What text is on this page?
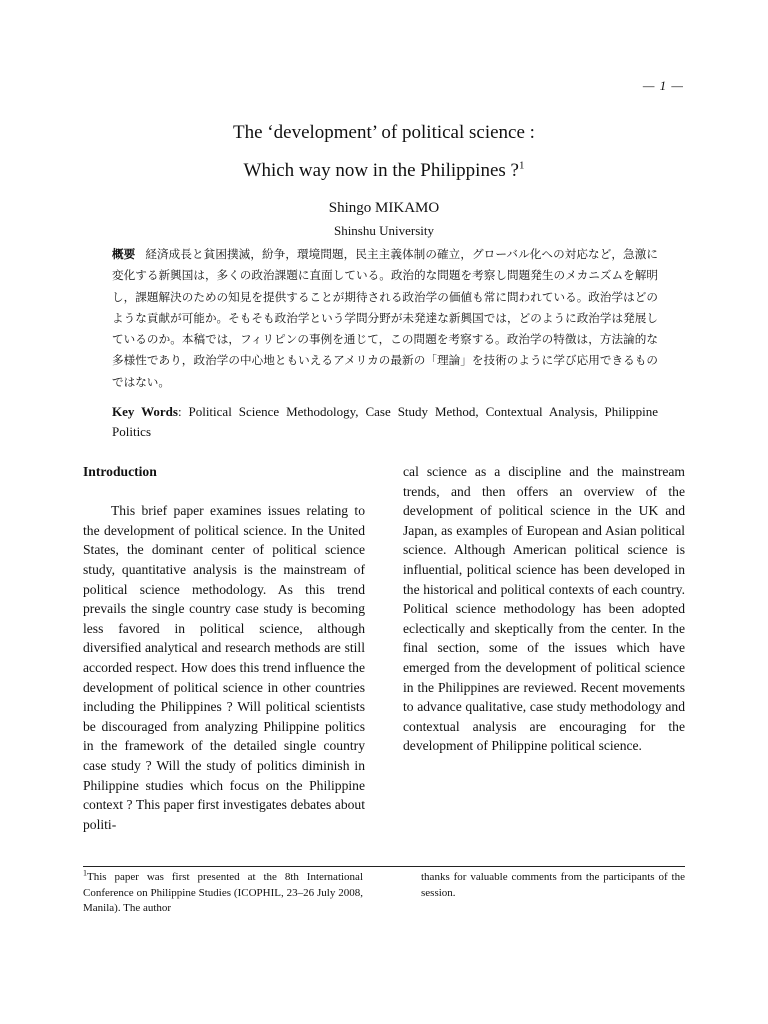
— 1 —
The ‘development’ of political science :
Which way now in the Philippines ?$^1$
Shingo MIKAMO
Shinshu University
概要 経済成長と貧困撲滅，紛争，環境問題，民主主義体制の確立，グローバル化への対応など，急激に変化する新興国は，多くの政治課題に直面している。政治的な問題を考察し問題発生のメカニズムを解明し，課題解決のための知見を提供することが期待される政治学の価値も常に問われている。政治学はどのような貢献が可能か。そもそも政治学という学問分野が未発達な新興国では，どのように政治学は発展しているのか。本稿では，フィリピンの事例を通じて，この問題を考察する。政治学の特徴は，方法論的な多様性であり，政治学の中心地ともいえるアメリカの最新の「理論」を技術のように学び応用できるものではない。
Key Words: Political Science Methodology, Case Study Method, Contextual Analysis, Philippine Politics
Introduction

This brief paper examines issues relating to the development of political science. In the United States, the dominant center of political science study, quantitative analysis is the mainstream of political science methodology. As this trend prevails the single country case study is becoming less favored in political science, although diversified analytical and research methods are still accorded respect. How does this trend influence the development of political science in other countries including the Philippines ? Will political scientists be discouraged from analyzing Philippine politics in the framework of the detailed single country case study ? Will the study of politics diminish in Philippine studies which focus on the Philippine context ? This paper first investigates debates about politi-

cal science as a discipline and the mainstream trends, and then offers an overview of the development of political science in the UK and Japan, as examples of European and Asian political science. Although American political science is influential, political science has been developed in the historical and political contexts of each country. Political science methodology has been adopted eclectically and skeptically from the center. In the final section, some of the issues which have emerged from the development of political science in the Philippines are reviewed. Recent movements to advance qualitative, case study methodology and contextual analysis are encouraging for the development of Philippine political science.

$^1$This paper was first presented at the 8th International Conference on Philippine Studies (ICOPHIL, 23–26 July 2008, Manila). The author
thanks for valuable comments from the participants of the session.
